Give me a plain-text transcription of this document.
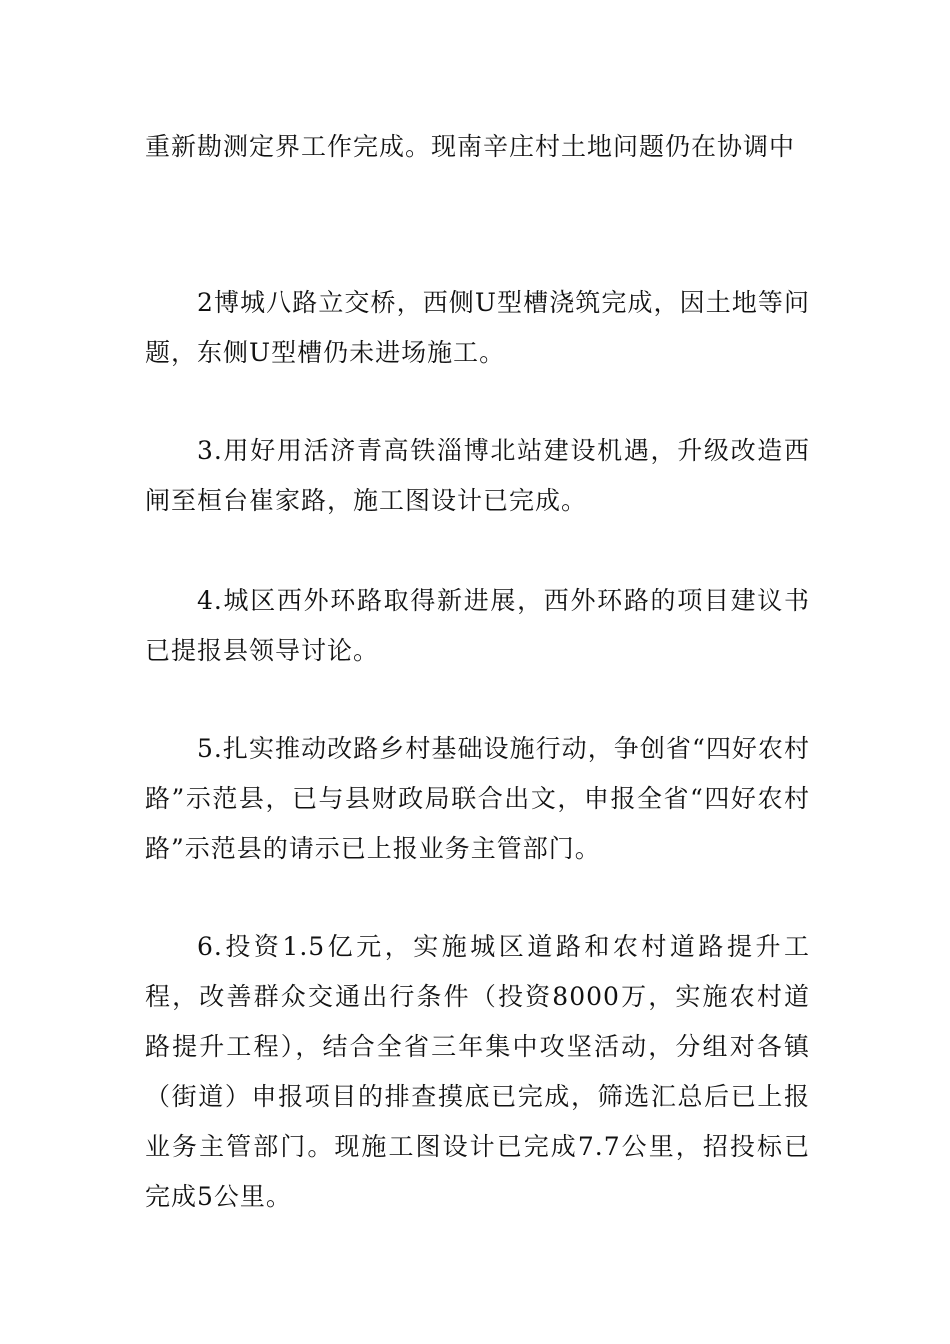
重新勘测定界工作完成。现南辛庄村土地问题仍在协调中

2博城八路立交桥，西侧U型槽浇筑完成，因土地等问题，东侧U型槽仍未进场施工。

3.用好用活济青高铁淄博北站建设机遇，升级改造西闸至桓台崔家路，施工图设计已完成。

4.城区西外环路取得新进展，西外环路的项目建议书已提报县领导讨论。

5.扎实推动改路乡村基础设施行动，争创省“四好农村路”示范县，已与县财政局联合出文，申报全省“四好农村路”示范县的请示已上报业务主管部门。

6.投资1.5亿元，实施城区道路和农村道路提升工程，改善群众交通出行条件（投资8000万，实施农村道路提升工程），结合全省三年集中攻坚活动，分组对各镇（街道）申报项目的排查摸底已完成，筛选汇总后已上报业务主管部门。现施工图设计已完成7.7公里，招投标已完成5公里。
